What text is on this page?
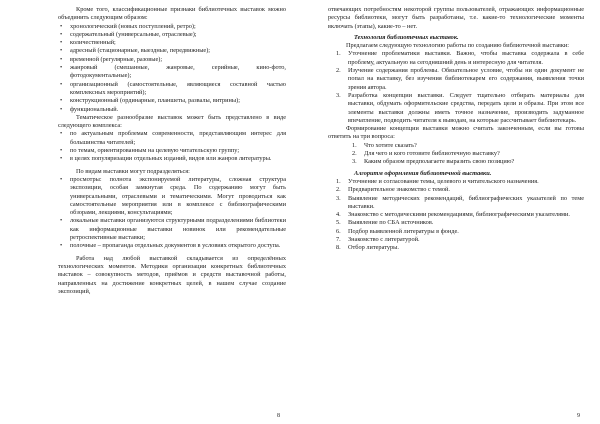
Кроме того, классификационные признаки библиотечных выставок можно объединить следующим образом:

• хронологический (новых поступлений, ретро);
• содержательный (универсальные, отраслевые);
• количественный;
• адресный (стационарные, выездные, передвижные);
• временной (регулярные, разовые);
• жанровый (смешанные, жанровые, серийные, кино-фото, фотодокументальные);
• организационный (самостоятельные, являющиеся составной частью комплексных мероприятий);
• конструкционный (ординарные, планшеты, развалы, витрины);
• функциональный.

Тематическое разнообразие выставок может быть представлено в виде следующего комплекса:

• по актуальным проблемам современности, представляющим интерес для большинства читателей;
• по темам, ориентированным на целевую читательскую группу;
• в целях популяризации отдельных изданий, видов или жанров литературы.

По видам выставки могут подразделяться:

• просмотры: полнота экспонируемой литературы, сложная структура экспозиции, особая замкнутая среда. По содержанию могут быть универсальными, отраслевыми и тематическими. Могут проводиться как самостоятельные мероприятия или в комплексе с библиографическими обзорами, лекциями, консультациями;
• локальные выставки организуются структурными подразделениями библиотеки как информационные выставки новинок или рекомендательные ретроспективные выставки;
• полочные – пропаганда отдельных документов в условиях открытого доступа.

Работа над любой выставкой складывается из определённых технологических моментов. Методики организации конкретных библиотечных выставок – совокупность методов, приёмов и средств выставочной работы, направленных на достижение конкретных целей, в нашем случае создание экспозиций,

8

отвечающих потребностям некоторой группы пользователей, отражающих информационные ресурсы библиотеки, могут быть разработаны, т.е. какие-то технологические моменты включать (этапы), какие-то – нет.

Технология библиотечных выставок.

Предлагаем следующую технологию работы по созданию библиотечной выставки:

1.	Уточнение проблематики выставки. Важно, чтобы выставка содержала в себе проблему, актуальную на сегодняшний день и интересную для читателя.
2.	Изучение содержания проблемы. Обязательное условие, чтобы ни один документ не попал на выставку, без изучения библиотекарем его содержания, выявления точки зрения автора.
3.	Разработка концепции выставки. Следует тщательно отбирать материалы для выставки, обдумать оформительские средства, передать цели и образы. При этом все элементы выставки должны иметь точное назначение, производить задуманное впечатление, подводить читателя к выводам, на которые рассчитывает библиотекарь.

Формирование концепции выставки можно считать законченным, если вы готовы ответить на три вопроса:

1.	Что хотите сказать?
2.	Для чего и кого готовите библиотечную выставку?
3.	Каким образом предполагаете выразить свою позицию?

Алгоритм оформления библиотечной выставки.

1.	Уточнение и согласование темы, целевого и читательского назначения.
2.	Предварительное знакомство с темой.
3.	Выявление методических рекомендаций, библиографических указателей по теме выставки.
4.	Знакомство с методическими рекомендациями, библиографическими указателями.
5.	Выявление по СБА источников.
6.	Подбор выявленной литературы в фонде.
7.	Знакомство с литературой.
8.	Отбор литературы.
9
